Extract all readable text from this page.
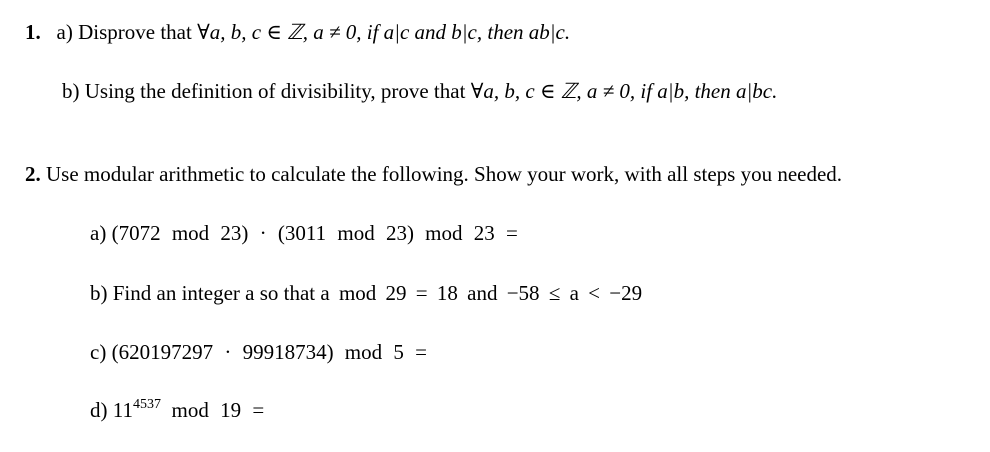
1. a) Disprove that ∀a, b, c ∈ ℤ, a ≠ 0, if a|c and b|c, then ab|c.
b) Using the definition of divisibility, prove that ∀a, b, c ∈ ℤ, a ≠ 0, if a|b, then a|bc.
2. Use modular arithmetic to calculate the following. Show your work, with all steps you needed.
a) (7072 mod 23) · (3011 mod 23) mod 23 =
b) Find an integer a so that a mod 29 = 18 and −58 ≤ a < −29
c) (620197297 · 99918734) mod 5 =
d) $11^{4537}$ mod 19 =
